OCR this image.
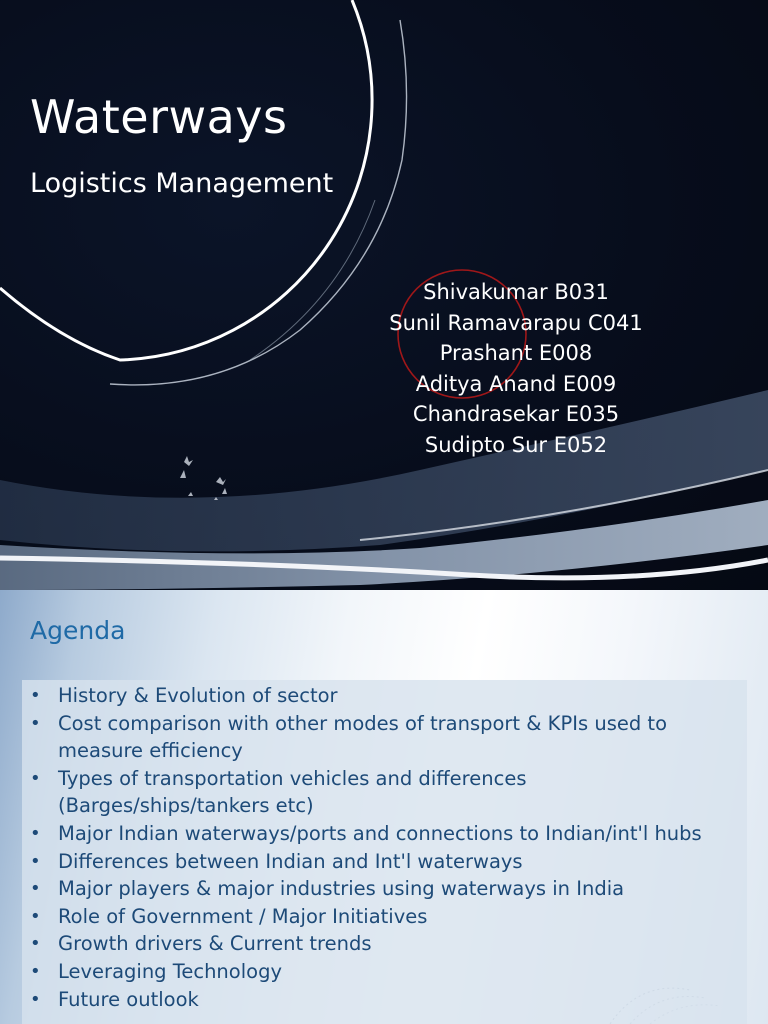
Waterways
Logistics Management
Shivakumar B031
Sunil Ramavarapu C041
Prashant E008
Aditya Anand E009
Chandrasekar E035
Sudipto Sur E052
Agenda
• History & Evolution of sector
• Cost comparison with other modes of transport & KPIs used to measure efficiency
• Types of transportation vehicles and differences (Barges/ships/tankers etc)
• Major Indian waterways/ports and connections to Indian/int'l hubs
• Differences between Indian and Int'l waterways
• Major players & major industries using waterways in India
• Role of Government / Major Initiatives
• Growth drivers & Current trends
• Leveraging Technology
• Future outlook
